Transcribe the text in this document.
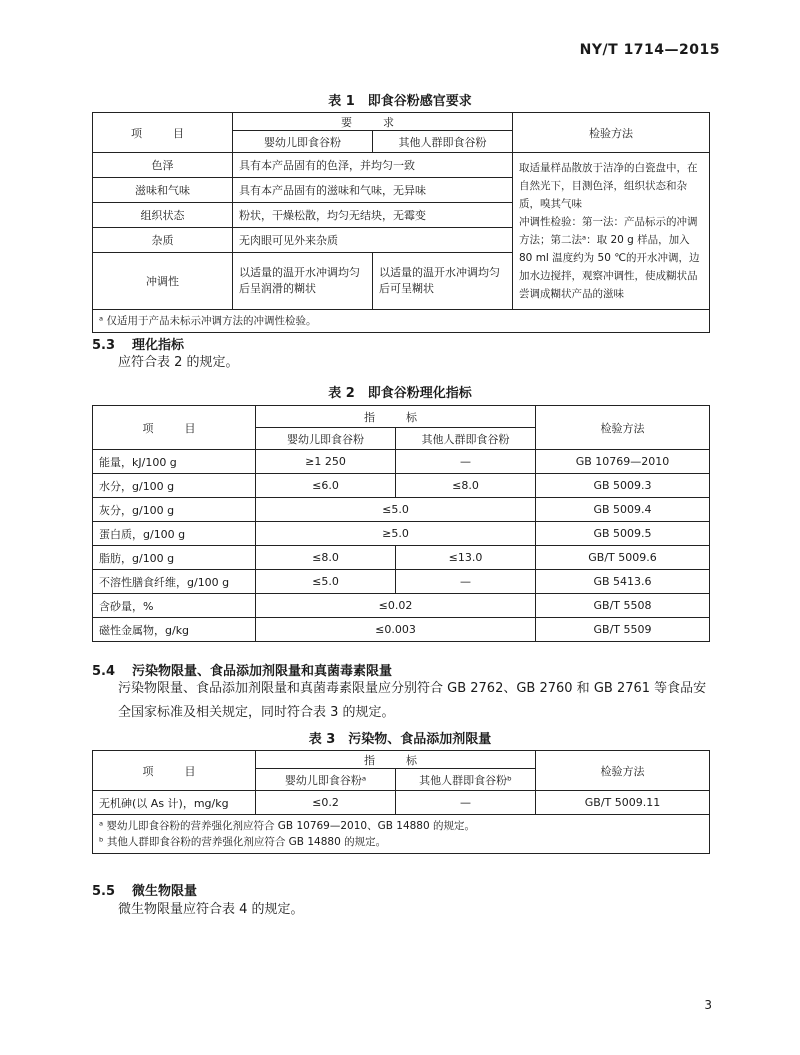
NY/T 1714—2015
表 1　即食谷粉感官要求
项　目	要　求		检验方法
	婴幼儿即食谷粉	其他人群即食谷粉	
色泽	具有本产品固有的色泽，并均匀一致		取适量样品散放于洁净的白瓷盘中，在自然光下，目测色泽，组织状态和杂质，嗅其气味
冲调性检验：第一法：产品标示的冲调方法；第二法ᵃ：取 20 g 样品，加入 80 ml 温度约为 50 ℃的开水冲调，边加水边搅拌，观察冲调性，使成糊状品尝调成糊状产品的滋味

滋味和气味	具有本产品固有的滋味和气味，无异味		
组织状态	粉状，干燥松散，均匀无结块，无霉变		
杂质	无肉眼可见外来杂质		
冲调性	以适量的温开水冲调均匀后呈润滑的糊状	以适量的温开水冲调均匀后可呈糊状	
ᵃ 仅适用于产品未标示冲调方法的冲调性检验。			
5.3 理化指标
应符合表 2 的规定。
表 2　即食谷粉理化指标
项　目	指　标		检验方法
	婴幼儿即食谷粉	其他人群即食谷粉	
能量，kJ/100 g	≥1 250	—	GB 10769—2010
水分，g/100 g	≤6.0	≤8.0	GB 5009.3
灰分，g/100 g	≤5.0		GB 5009.4
蛋白质，g/100 g	≥5.0		GB 5009.5
脂肪，g/100 g	≤8.0	≤13.0	GB/T 5009.6
不溶性膳食纤维，g/100 g	≤5.0	—	GB 5413.6
含砂量，%	≤0.02		GB/T 5508
磁性金属物，g/kg	≤0.003		GB/T 5509
5.4 污染物限量、食品添加剂限量和真菌毒素限量
污染物限量、食品添加剂限量和真菌毒素限量应分别符合 GB 2762、GB 2760 和 GB 2761 等食品安全国家标准及相关规定，同时符合表 3 的规定。
表 3　污染物、食品添加剂限量
项　目	指　标		检验方法
	婴幼儿即食谷粉ᵃ	其他人群即食谷粉ᵇ	
无机砷(以 As 计)，mg/kg	≤0.2	—	GB/T 5009.11

ᵃ 婴幼儿即食谷粉的营养强化剂应符合 GB 10769—2010、GB 14880 的规定。
ᵇ 其他人群即食谷粉的营养强化剂应符合 GB 14880 的规定。			
5.5 微生物限量
微生物限量应符合表 4 的规定。
3
